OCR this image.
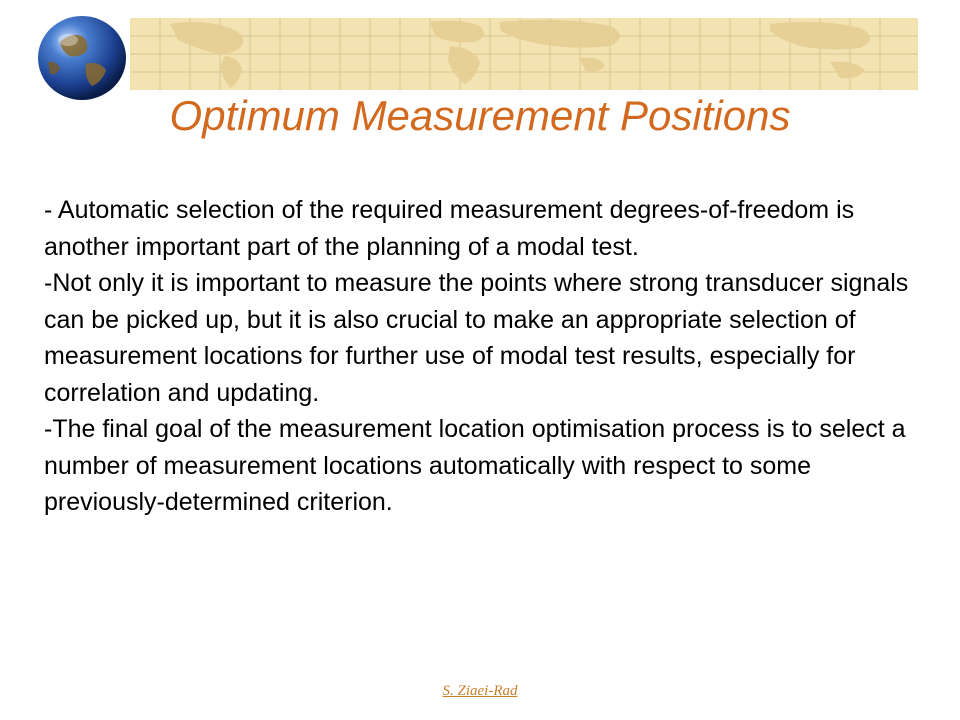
Optimum Measurement Positions

- Automatic selection of the required measurement degrees-of-freedom is another important part of the planning of a modal test.

-Not only it is important to measure the points where strong transducer signals can be picked up, but it is also crucial to make an appropriate selection of measurement locations for further use of modal test results, especially for correlation and updating.

-The final goal of the measurement location optimisation process is to select a number of measurement locations automatically with respect to some previously-determined criterion.

S. Ziaei-Rad
